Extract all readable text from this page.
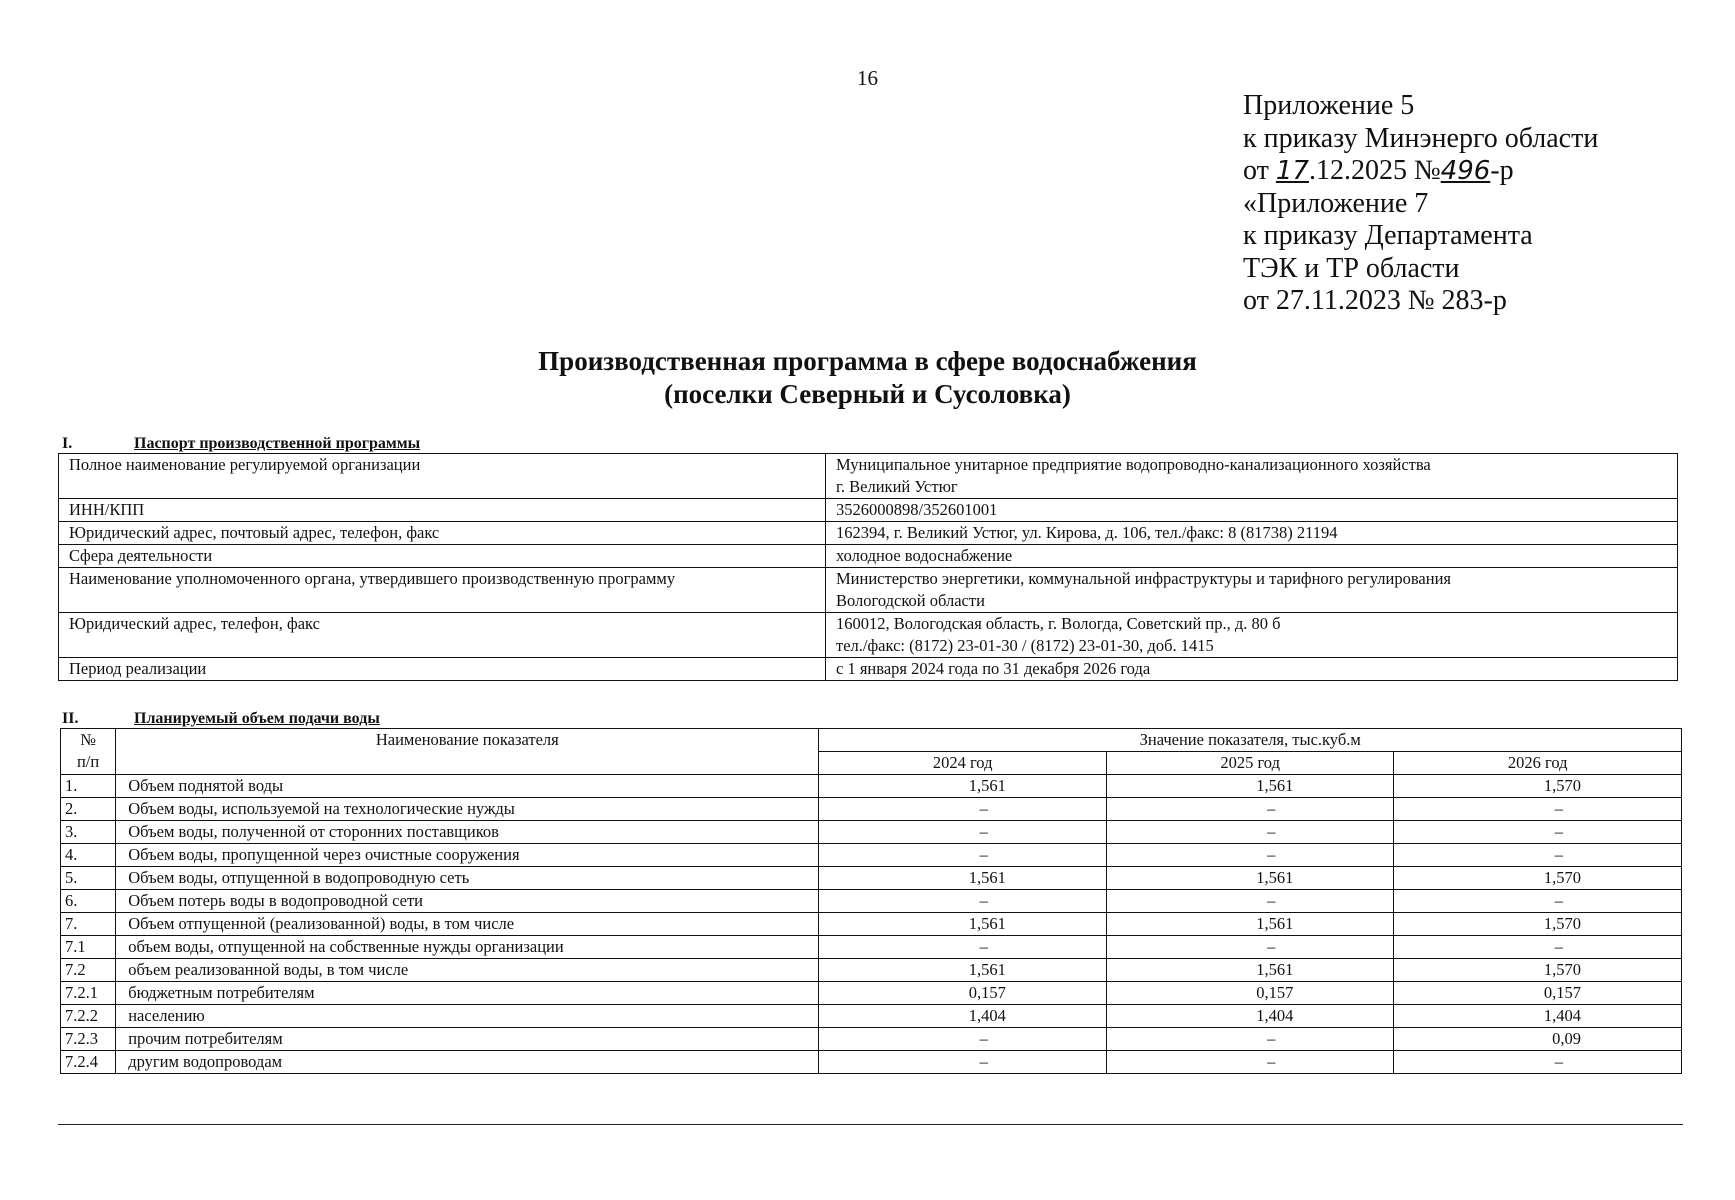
16
Приложение 5
к приказу Минэнерго области
от 17.12.2025 №496-р
«Приложение 7
к приказу Департамента
ТЭК и ТР области
от 27.11.2023 № 283-р
Производственная программа в сфере водоснабжения
(поселки Северный и Сусоловка)
I.	Паспорт производственной программы
Полное наименование регулируемой организации	Муниципальное унитарное предприятие водопроводно-канализационного хозяйства
г. Великий Устюг

ИНН/КПП	3526000898/352601001

Юридический адрес, почтовый адрес, телефон, факс	162394, г. Великий Устюг, ул. Кирова, д. 106, тел./факс: 8 (81738) 21194

Сфера деятельности	холодное водоснабжение

Наименование уполномоченного органа, утвердившего производственную программу	Министерство энергетики, коммунальной инфраструктуры и тарифного регулирования
Вологодской области

Юридический адрес, телефон, факс	160012, Вологодская область, г. Вологда, Советский пр., д. 80 б
тел./факс: (8172) 23-01-30 / (8172) 23-01-30, доб. 1415

Период реализации	с 1 января 2024 года по 31 декабря 2026 года
II.	Планируемый объем подачи воды
№
п/п	Наименование показателя	Значение показателя, тыс.куб.м		
		2024 год	2025 год	2026 год
1.	Объем поднятой воды	1,561	1,561	1,570
2.	Объем воды, используемой на технологические нужды	–	–	–
3.	Объем воды, полученной от сторонних поставщиков	–	–	–
4.	Объем воды, пропущенной через очистные сооружения	–	–	–
5.	Объем воды, отпущенной в водопроводную сеть	1,561	1,561	1,570
6.	Объем потерь воды в водопроводной сети	–	–	–
7.	Объем отпущенной (реализованной) воды, в том числе	1,561	1,561	1,570
7.1	объем воды, отпущенной на собственные нужды организации	–	–	–
7.2	объем реализованной воды, в том числе	1,561	1,561	1,570
7.2.1	бюджетным потребителям	0,157	0,157	0,157
7.2.2	населению	1,404	1,404	1,404
7.2.3	прочим потребителям	–	–	0,09
7.2.4	другим водопроводам	–	–	–
